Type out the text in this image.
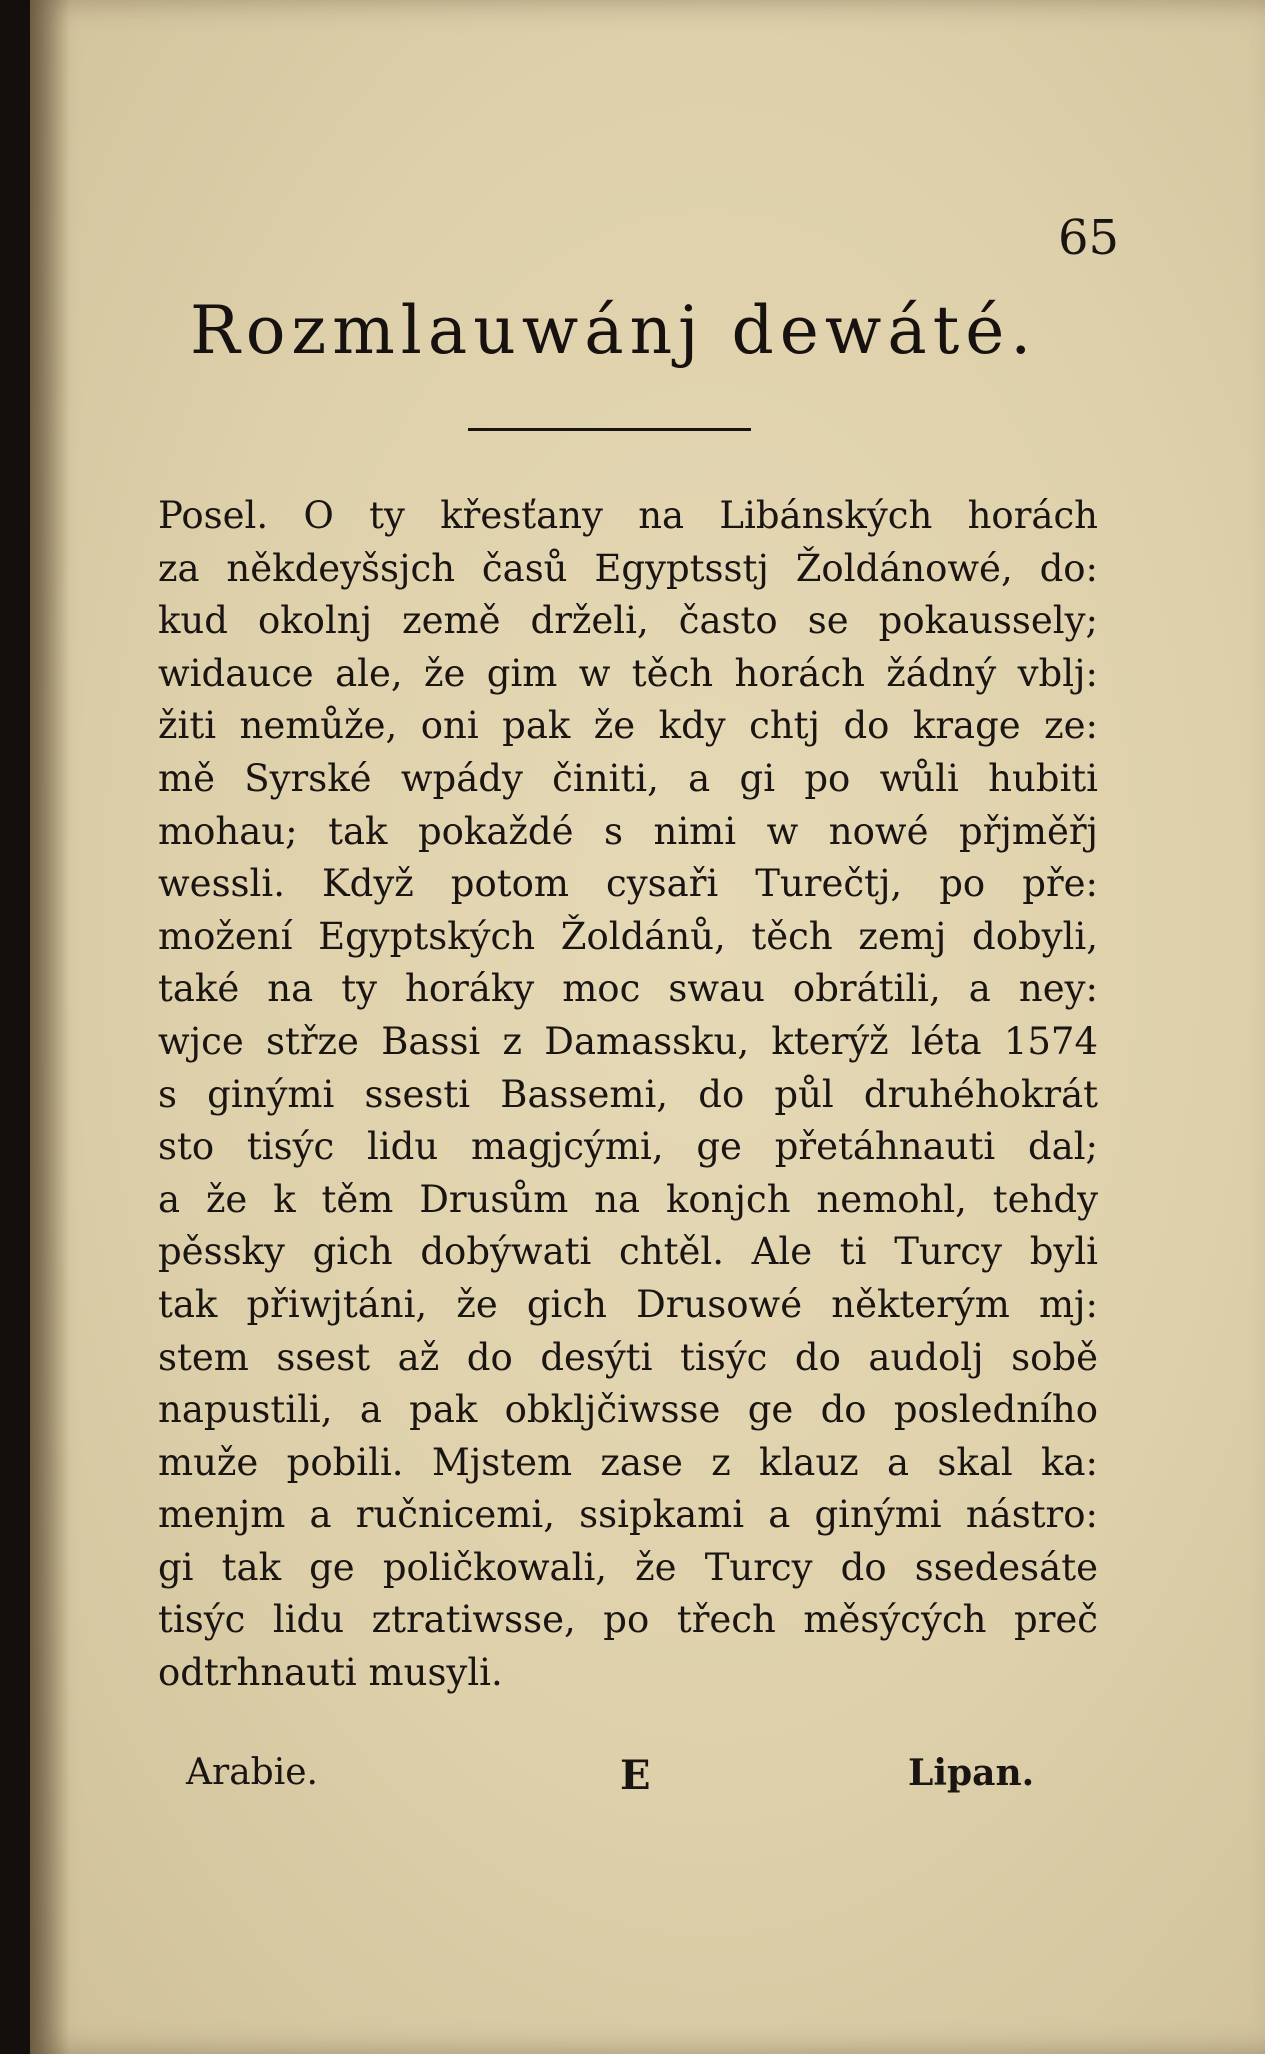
65
Rozmlauwánj dewáté.
Posel. O ty křesťany na Libánských horách
za někdeyšsjch časů Egyptsstj Žoldánowé, do:
kud okolnj země drželi, často se pokaussely;
widauce ale, že gim w těch horách žádný vblj:
žiti nemůže, oni pak že kdy chtj do krage ze:
mě Syrské wpády činiti, a gi po wůli hubiti
mohau; tak pokaždé s nimi w nowé přjměřj
wessli. Když potom cysaři Turečtj, po pře:
možení Egyptských Žoldánů, těch zemj dobyli,
také na ty horáky moc swau obrátili, a ney:
wjce střze Bassi z Damassku, kterýž léta 1574
s ginými ssesti Bassemi, do půl druhéhokrát
sto tisýc lidu magjcými, ge přetáhnauti dal;
a že k těm Drusům na konjch nemohl, tehdy
pěssky gich dobýwati chtěl. Ale ti Turcy byli
tak přiwjtáni, že gich Drusowé některým mj:
stem ssest až do desýti tisýc do audolj sobě
napustili, a pak obkljčiwsse ge do posledního
muže pobili. Mjstem zase z klauz a skal ka:
menjm a ručnicemi, ssipkami a ginými nástro:
gi tak ge poličkowali, že Turcy do ssedesáte
tisýc lidu ztratiwsse, po třech měsýcých preč
odtrhnauti musyli.
Arabie.	E	Lipan.
